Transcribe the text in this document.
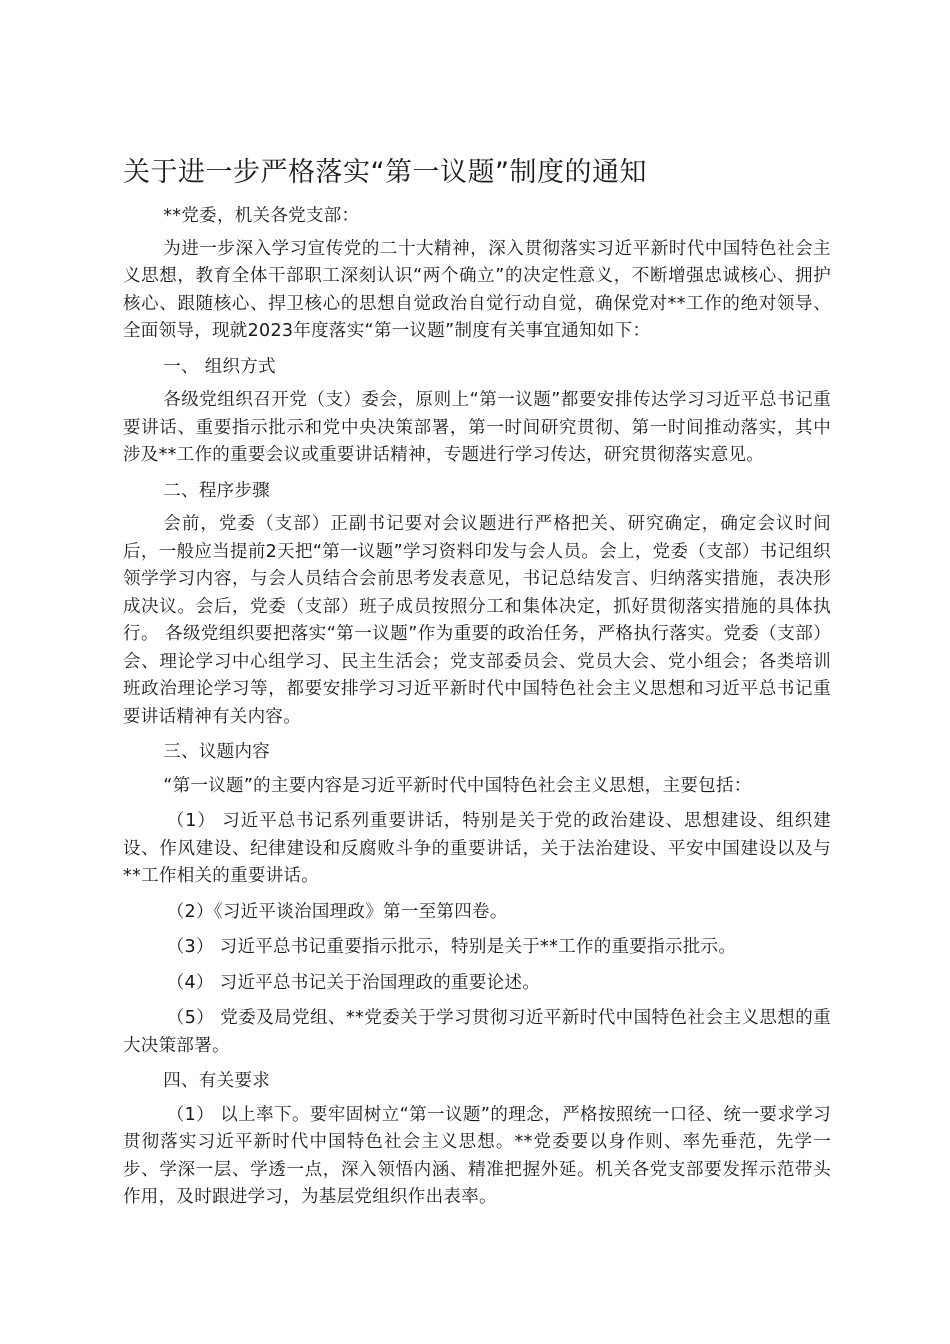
关于进一步严格落实“第一议题”制度的通知

**党委，机关各党支部：

为进一步深入学习宣传党的二十大精神，深入贯彻落实习近平新时代中国特色社会主义思想，教育全体干部职工深刻认识“两个确立”的决定性意义，不断增强忠诚核心、拥护核心、跟随核心、捍卫核心的思想自觉政治自觉行动自觉，确保党对**工作的绝对领导、全面领导，现就2023年度落实“第一议题”制度有关事宜通知如下：

一、 组织方式

各级党组织召开党（支）委会，原则上“第一议题”都要安排传达学习习近平总书记重要讲话、重要指示批示和党中央决策部署，第一时间研究贯彻、第一时间推动落实，其中涉及**工作的重要会议或重要讲话精神，专题进行学习传达，研究贯彻落实意见。

二、程序步骤

会前，党委（支部）正副书记要对会议题进行严格把关、研究确定，确定会议时间后，一般应当提前2天把“第一议题”学习资料印发与会人员。会上，党委（支部）书记组织领学学习内容，与会人员结合会前思考发表意见，书记总结发言、归纳落实措施，表决形成决议。会后，党委（支部）班子成员按照分工和集体决定，抓好贯彻落实措施的具体执行。 各级党组织要把落实“第一议题”作为重要的政治任务，严格执行落实。党委（支部）会、理论学习中心组学习、民主生活会；党支部委员会、党员大会、党小组会；各类培训班政治理论学习等，都要安排学习习近平新时代中国特色社会主义思想和习近平总书记重要讲话精神有关内容。

三、议题内容

“第一议题”的主要内容是习近平新时代中国特色社会主义思想，主要包括：

（1） 习近平总书记系列重要讲话，特别是关于党的政治建设、思想建设、组织建设、作风建设、纪律建设和反腐败斗争的重要讲话，关于法治建设、平安中国建设以及与**工作相关的重要讲话。

（2）《习近平谈治国理政》第一至第四卷。

（3） 习近平总书记重要指示批示，特别是关于**工作的重要指示批示。

（4） 习近平总书记关于治国理政的重要论述。

（5） 党委及局党组、**党委关于学习贯彻习近平新时代中国特色社会主义思想的重大决策部署。

四、有关要求

（1） 以上率下。要牢固树立“第一议题”的理念，严格按照统一口径、统一要求学习贯彻落实习近平新时代中国特色社会主义思想。**党委要以身作则、率先垂范，先学一步、学深一层、学透一点，深入领悟内涵、精准把握外延。机关各党支部要发挥示范带头作用，及时跟进学习，为基层党组织作出表率。
